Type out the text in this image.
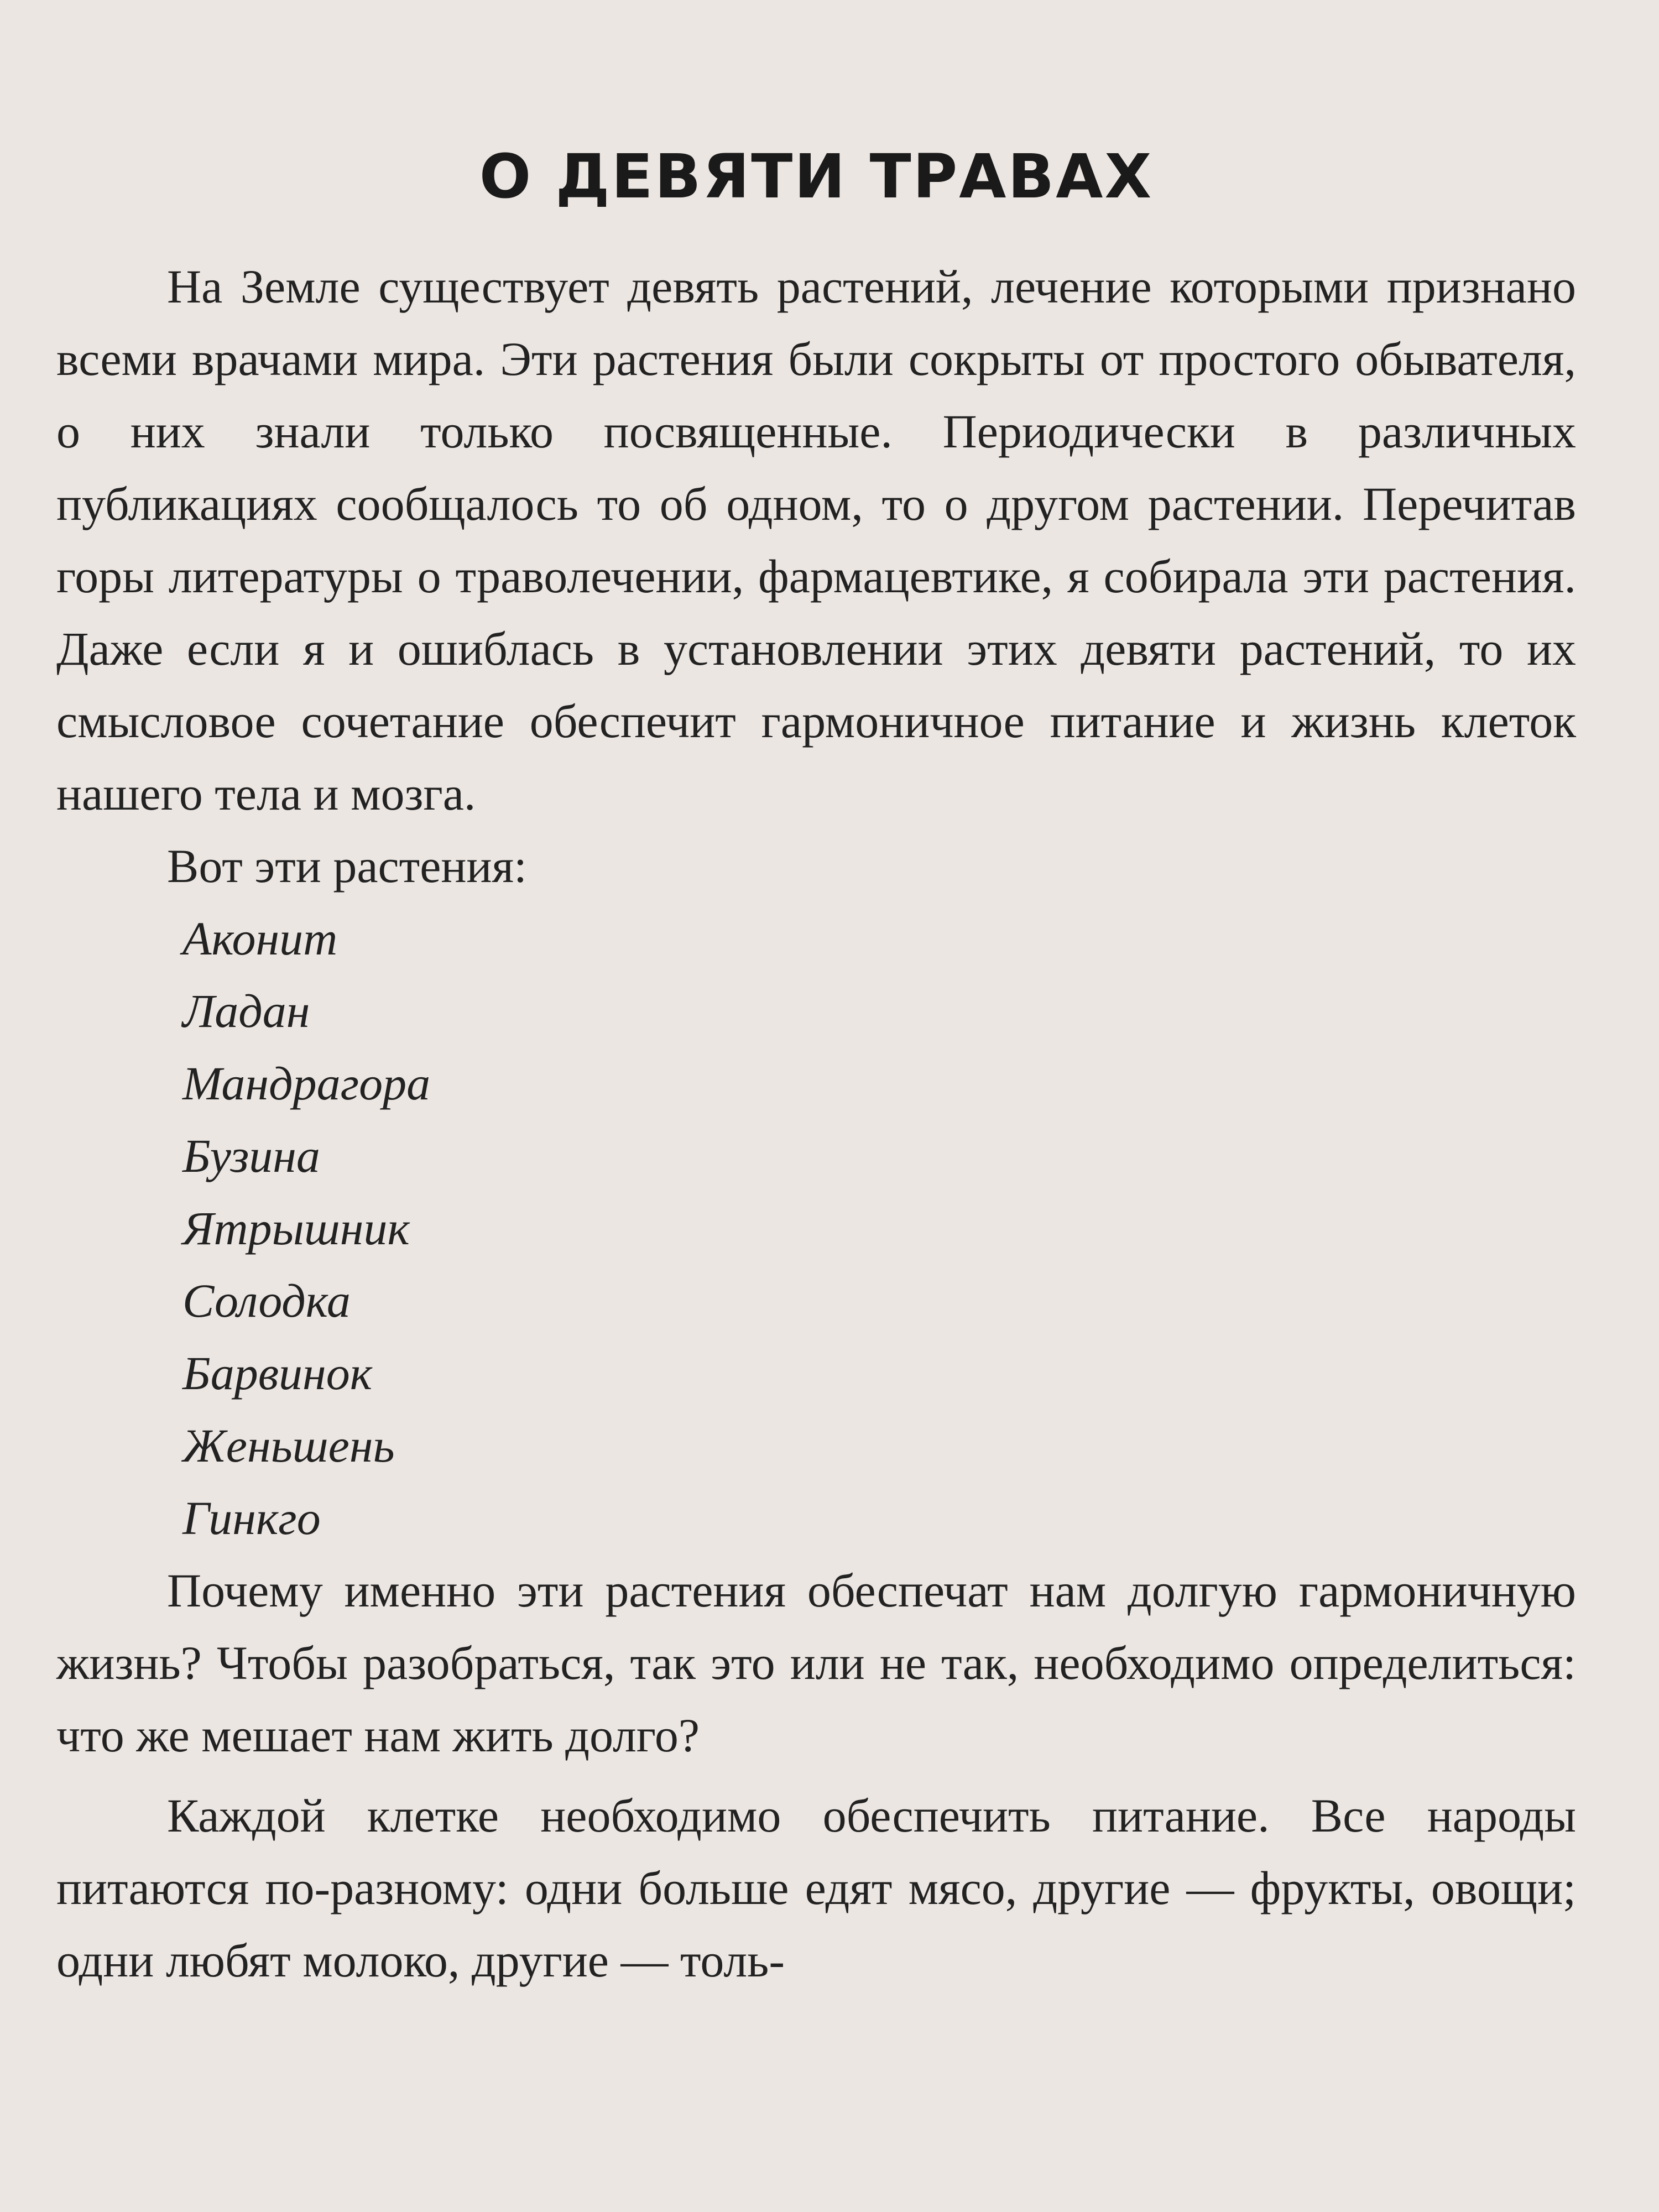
О ДЕВЯТИ ТРАВАХ

На Земле существует девять растений, лечение которыми признано всеми врачами мира. Эти растения были сокрыты от простого обывателя, о них знали только посвященные. Периодически в различных публикациях сообщалось то об одном, то о другом растении. Перечитав горы литературы о траволечении, фармацевтике, я собирала эти растения. Даже если я и ошиблась в установлении этих девяти растений, то их смысловое сочетание обеспечит гармоничное питание и жизнь клеток нашего тела и мозга.

Вот эти растения:

Аконит
Ладан
Мандрагора
Бузина
Ятрышник
Солодка
Барвинок
Женьшень
Гинкго

Почему именно эти растения обеспечат нам долгую гармоничную жизнь? Чтобы разобраться, так это или не так, необходимо определиться: что же мешает нам жить долго?

Каждой клетке необходимо обеспечить питание. Все народы питаются по-разному: одни больше едят мясо, другие — фрукты, овощи; одни любят молоко, другие — толь-
